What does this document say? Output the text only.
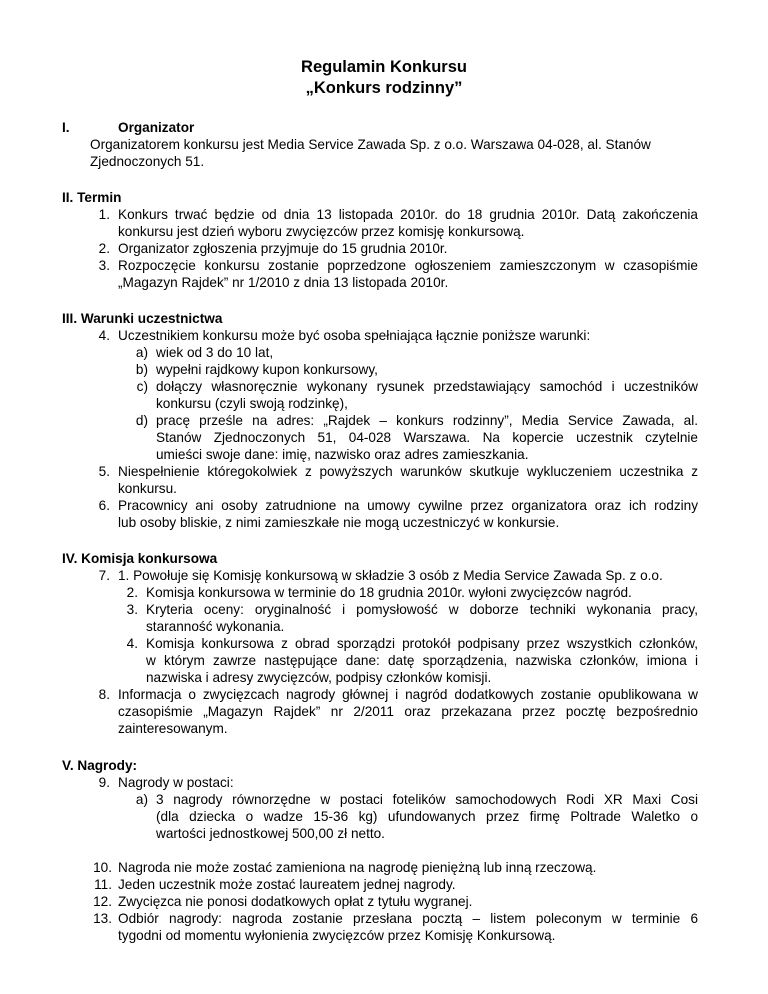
Regulamin Konkursu
„Konkurs rodzinny”
I.	Organizator
Organizatorem konkursu jest Media Service Zawada Sp. z o.o. Warszawa 04-028, al. Stanów
Zjednoczonych 51.
II. Termin
1. Konkurs trwać będzie od dnia 13 listopada 2010r. do 18 grudnia 2010r. Datą zakończenia
konkursu jest dzień wyboru zwycięzców przez komisję konkursową.
2. Organizator zgłoszenia przyjmuje do 15 grudnia 2010r.
3. Rozpoczęcie konkursu zostanie poprzedzone ogłoszeniem zamieszczonym w czasopiśmie
„Magazyn Rajdek” nr 1/2010 z dnia 13 listopada 2010r.
III. Warunki uczestnictwa
4. Uczestnikiem konkursu może być osoba spełniająca łącznie poniższe warunki:
a) wiek od 3 do 10 lat,
b) wypełni rajdkowy kupon konkursowy,
c) dołączy własnoręcznie wykonany rysunek przedstawiający samochód i uczestników
konkursu (czyli swoją rodzinkę),
d) pracę prześle na adres: „Rajdek – konkurs rodzinny”, Media Service Zawada, al.
Stanów Zjednoczonych 51, 04-028 Warszawa. Na kopercie uczestnik czytelnie
umieści swoje dane: imię, nazwisko oraz adres zamieszkania.
5. Niespełnienie któregokolwiek z powyższych warunków skutkuje wykluczeniem uczestnika z
konkursu.
6. Pracownicy ani osoby zatrudnione na umowy cywilne przez organizatora oraz ich rodziny
lub osoby bliskie, z nimi zamieszkałe nie mogą uczestniczyć w konkursie.
IV. Komisja konkursowa
7. 1. Powołuje się Komisję konkursową w składzie 3 osób z Media Service Zawada Sp. z o.o.
2. Komisja konkursowa w terminie do 18 grudnia 2010r. wyłoni zwycięzców nagród.
3. Kryteria oceny: oryginalność i pomysłowość w doborze techniki wykonania pracy,
staranność wykonania.
4. Komisja konkursowa z obrad sporządzi protokół podpisany przez wszystkich członków,
w którym zawrze następujące dane: datę sporządzenia, nazwiska członków, imiona i
nazwiska i adresy zwycięzców, podpisy członków komisji.
8. Informacja o zwycięzcach nagrody głównej i nagród dodatkowych zostanie opublikowana w
czasopiśmie „Magazyn Rajdek” nr 2/2011 oraz przekazana przez pocztę bezpośrednio
zainteresowanym.
V. Nagrody:
9. Nagrody w postaci:
a) 3 nagrody równorzędne w postaci fotelików samochodowych Rodi XR Maxi Cosi
(dla dziecka o wadze 15-36 kg) ufundowanych przez firmę Poltrade Waletko o
wartości jednostkowej 500,00 zł netto.
10. Nagroda nie może zostać zamieniona na nagrodę pieniężną lub inną rzeczową.
11. Jeden uczestnik może zostać laureatem jednej nagrody.
12. Zwycięzca nie ponosi dodatkowych opłat z tytułu wygranej.
13. Odbiór nagrody: nagroda zostanie przesłana pocztą – listem poleconym w terminie 6
tygodni od momentu wyłonienia zwycięzców przez Komisję Konkursową.
